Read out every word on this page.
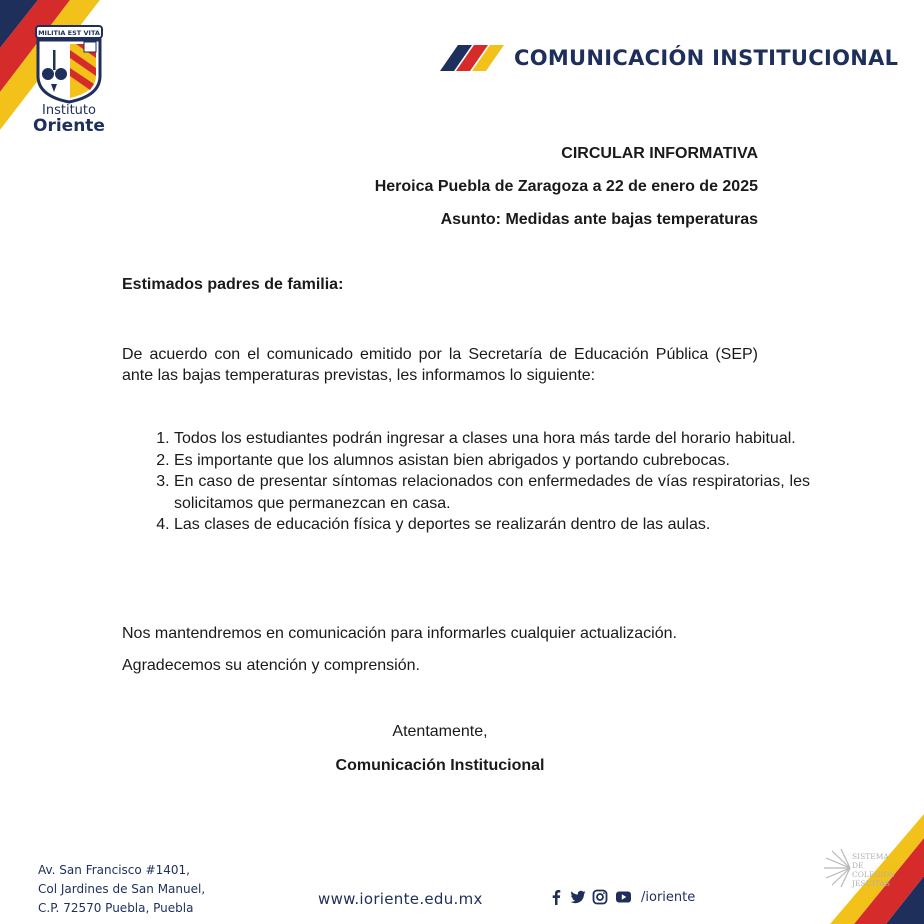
MILITIA EST VITA
Instituto
Oriente
COMUNICACIÓN INSTITUCIONAL
CIRCULAR INFORMATIVA
Heroica Puebla de Zaragoza a 22 de enero de 2025
Asunto: Medidas ante bajas temperaturas
Estimados padres de familia:
De acuerdo con el comunicado emitido por la Secretaría de Educación Pública (SEP) ante las bajas temperaturas previstas, les informamos lo siguiente:
1. Todos los estudiantes podrán ingresar a clases una hora más tarde del horario habitual.
2. Es importante que los alumnos asistan bien abrigados y portando cubrebocas.
3. En caso de presentar síntomas relacionados con enfermedades de vías respiratorias, les solicitamos que permanezcan en casa.
4. Las clases de educación física y deportes se realizarán dentro de las aulas.
Nos mantendremos en comunicación para informarles cualquier actualización.
Agradecemos su atención y comprensión.
Atentamente,
Comunicación Institucional
Av. San Francisco #1401,
Col Jardines de San Manuel,
C.P. 72570 Puebla, Puebla	www.ioriente.edu.mx	/ioriente
SISTEMA
DE COLEGIOS
JESUITAS
